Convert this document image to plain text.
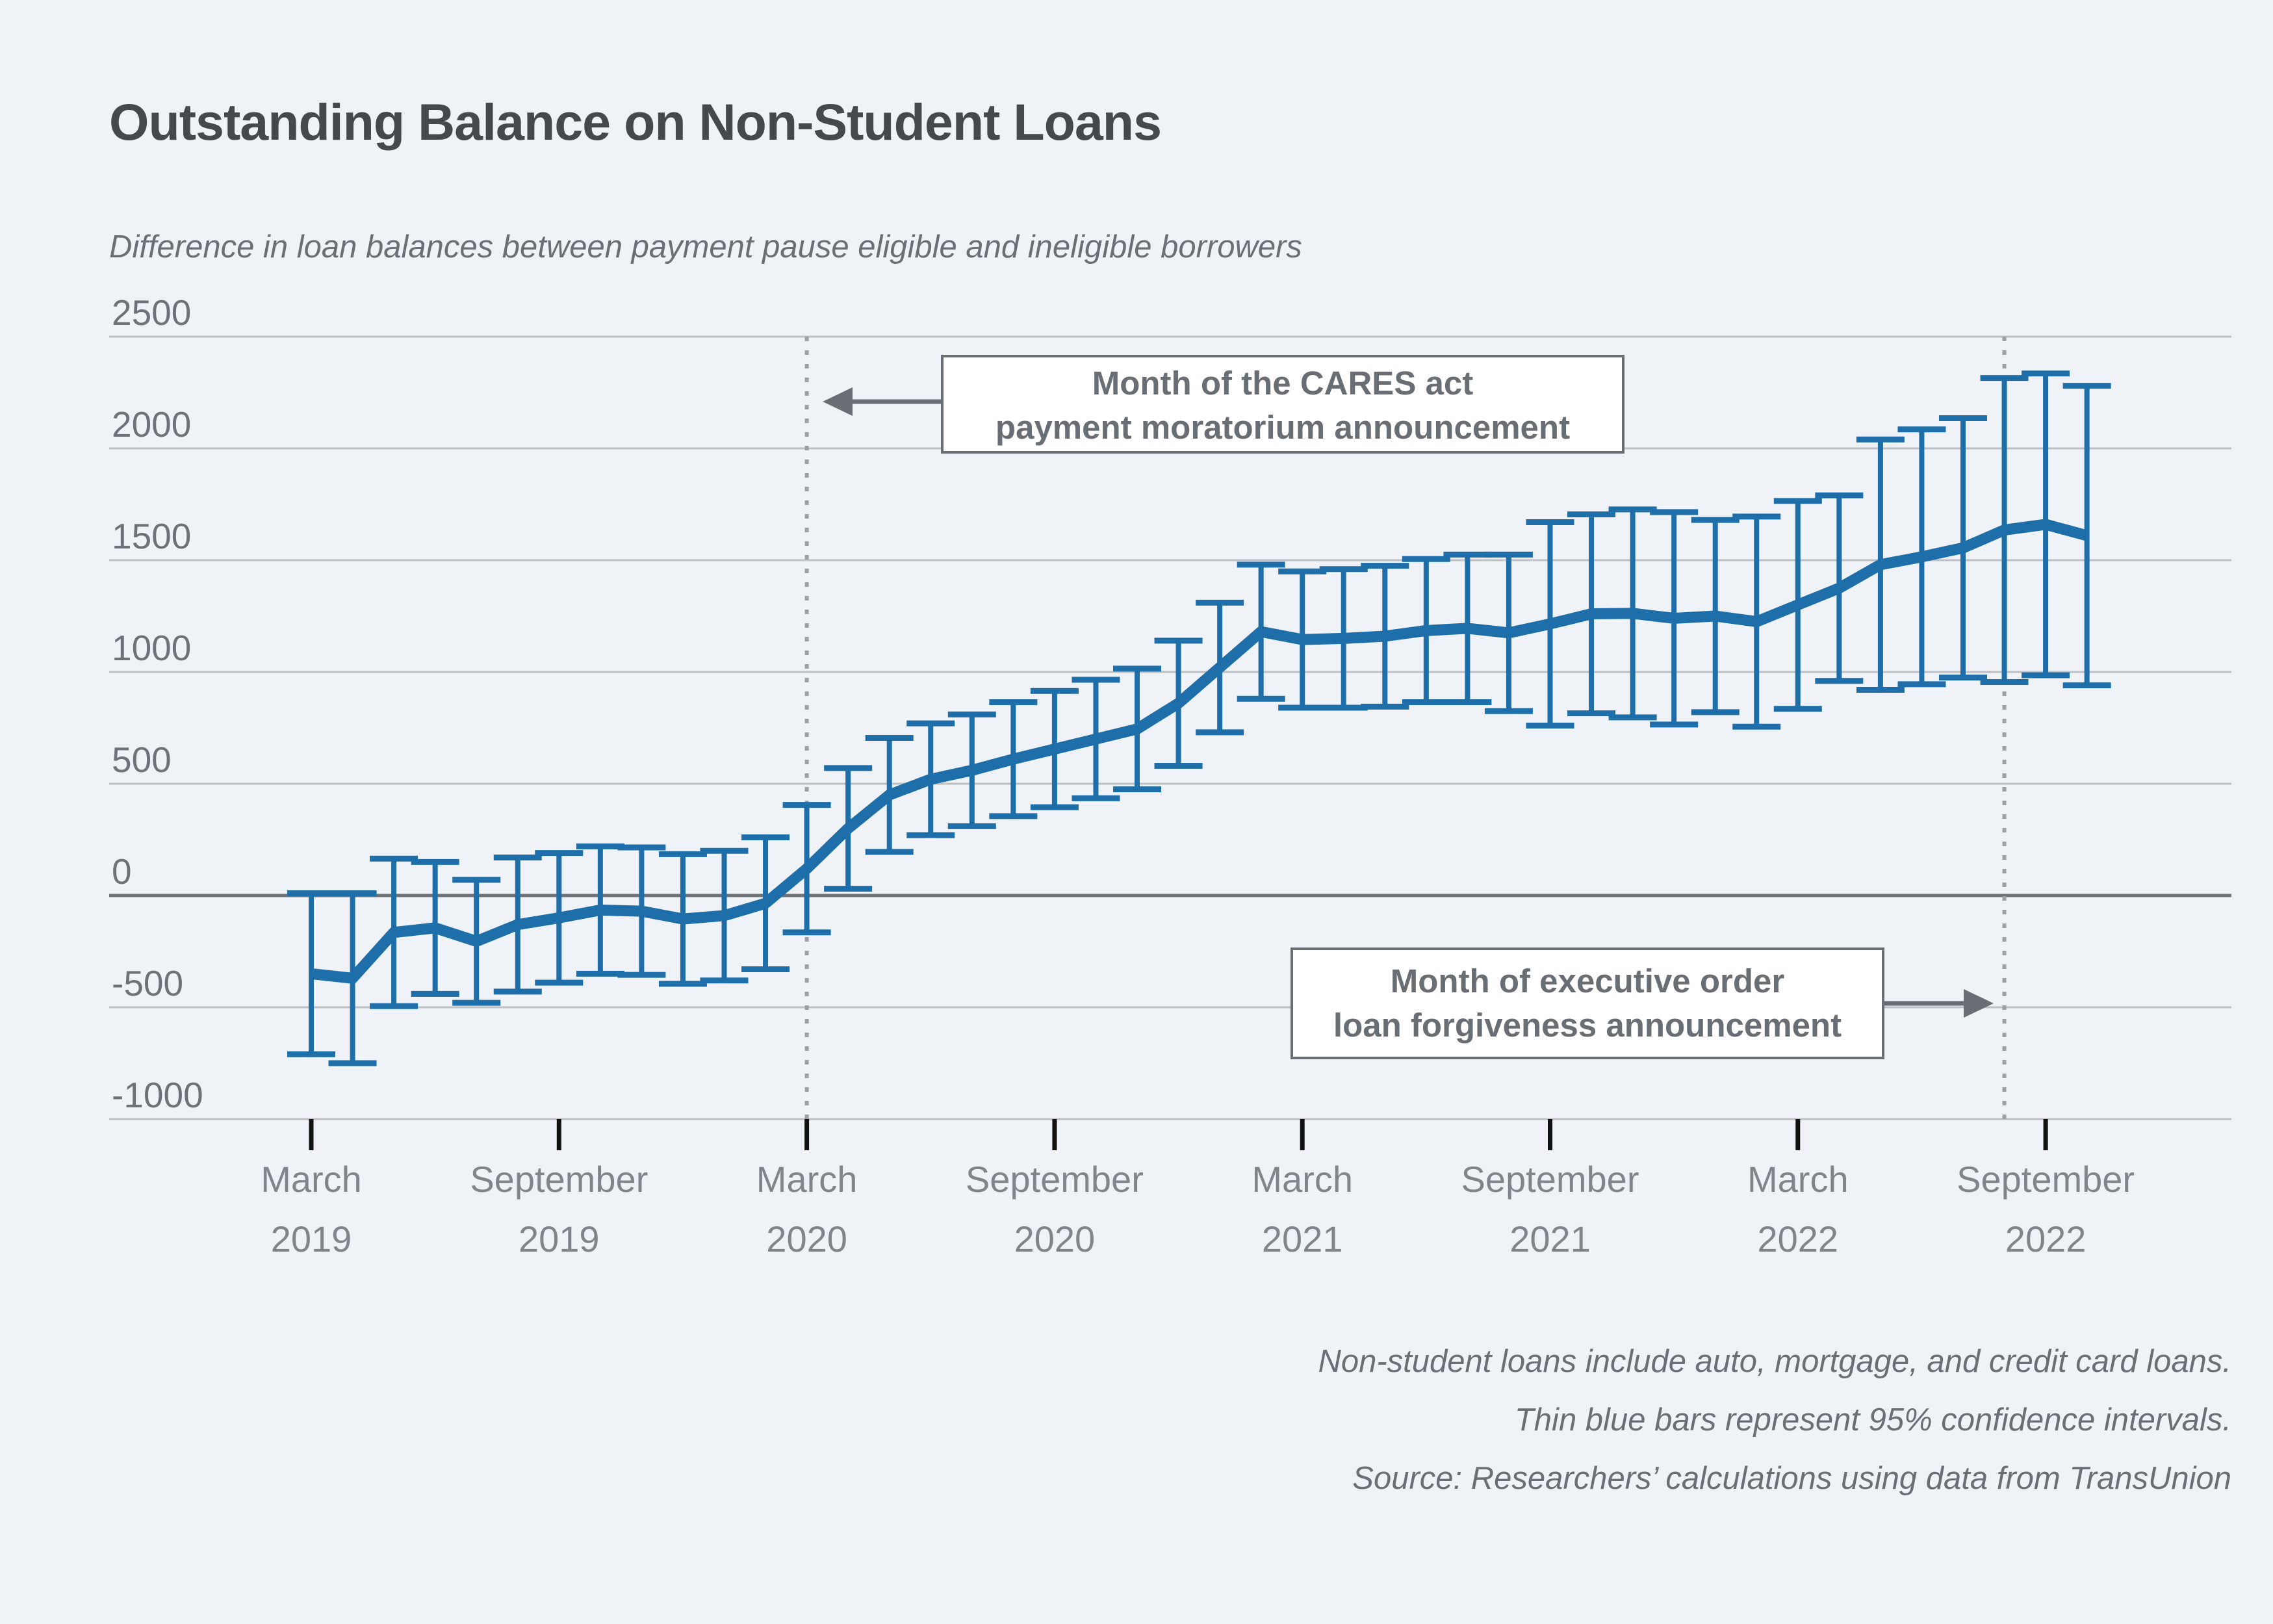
2500
2000
1500
1000
500
0
-500
-1000
March
2019
September
2019
March
2020
September
2020
March
2021
September
2021
March
2022
September
2022
Outstanding Balance on Non-Student Loans
Difference in loan balances between payment pause eligible and ineligible borrowers
Month of the CARES act
payment moratorium announcement
Month of executive order
loan forgiveness announcement
Non-student loans include auto, mortgage, and credit card loans.
Thin blue bars represent 95% confidence intervals.
Source: Researchers’ calculations using data from TransUnion
